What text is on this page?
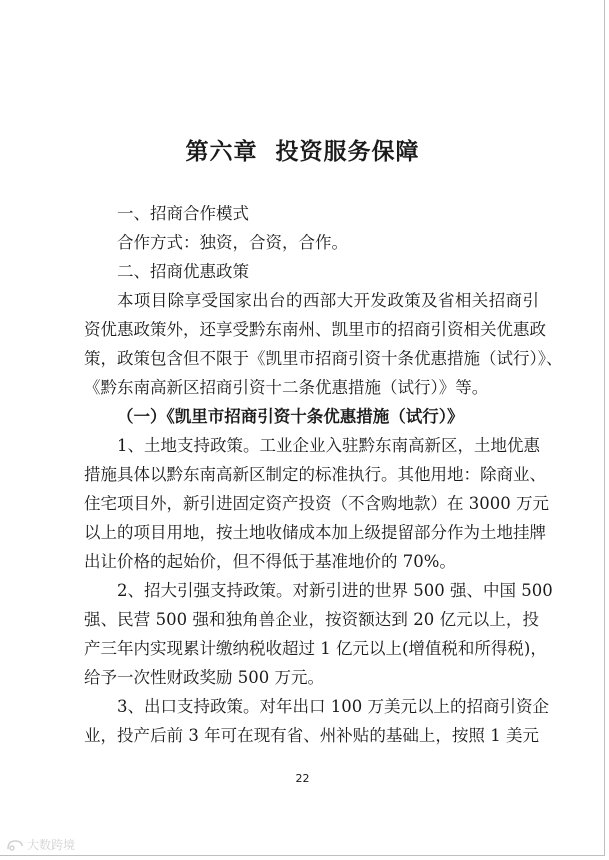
第六章  投资服务保障
一、招商合作模式
合作方式：独资，合资，合作。
二、招商优惠政策
本项目除享受国家出台的西部大开发政策及省相关招商引
资优惠政策外，还享受黔东南州、凯里市的招商引资相关优惠政
策，政策包含但不限于《凯里市招商引资十条优惠措施（试行）》、
《黔东南高新区招商引资十二条优惠措施（试行）》等。
（一）《凯里市招商引资十条优惠措施（试行）》
1、土地支持政策。工业企业入驻黔东南高新区，土地优惠
措施具体以黔东南高新区制定的标准执行。其他用地：除商业、
住宅项目外，新引进固定资产投资（不含购地款）在 3000 万元
以上的项目用地，按土地收储成本加上级提留部分作为土地挂牌
出让价格的起始价，但不得低于基准地价的 70%。
2、招大引强支持政策。对新引进的世界 500 强、中国 500
强、民营 500 强和独角兽企业，按资额达到 20 亿元以上，投
产三年内实现累计缴纳税收超过 1 亿元以上(增值税和所得税)，
给予一次性财政奖励 500 万元。
3、出口支持政策。对年出口 100 万美元以上的招商引资企
业，投产后前 3 年可在现有省、州补贴的基础上，按照 1 美元
22
大数跨境
